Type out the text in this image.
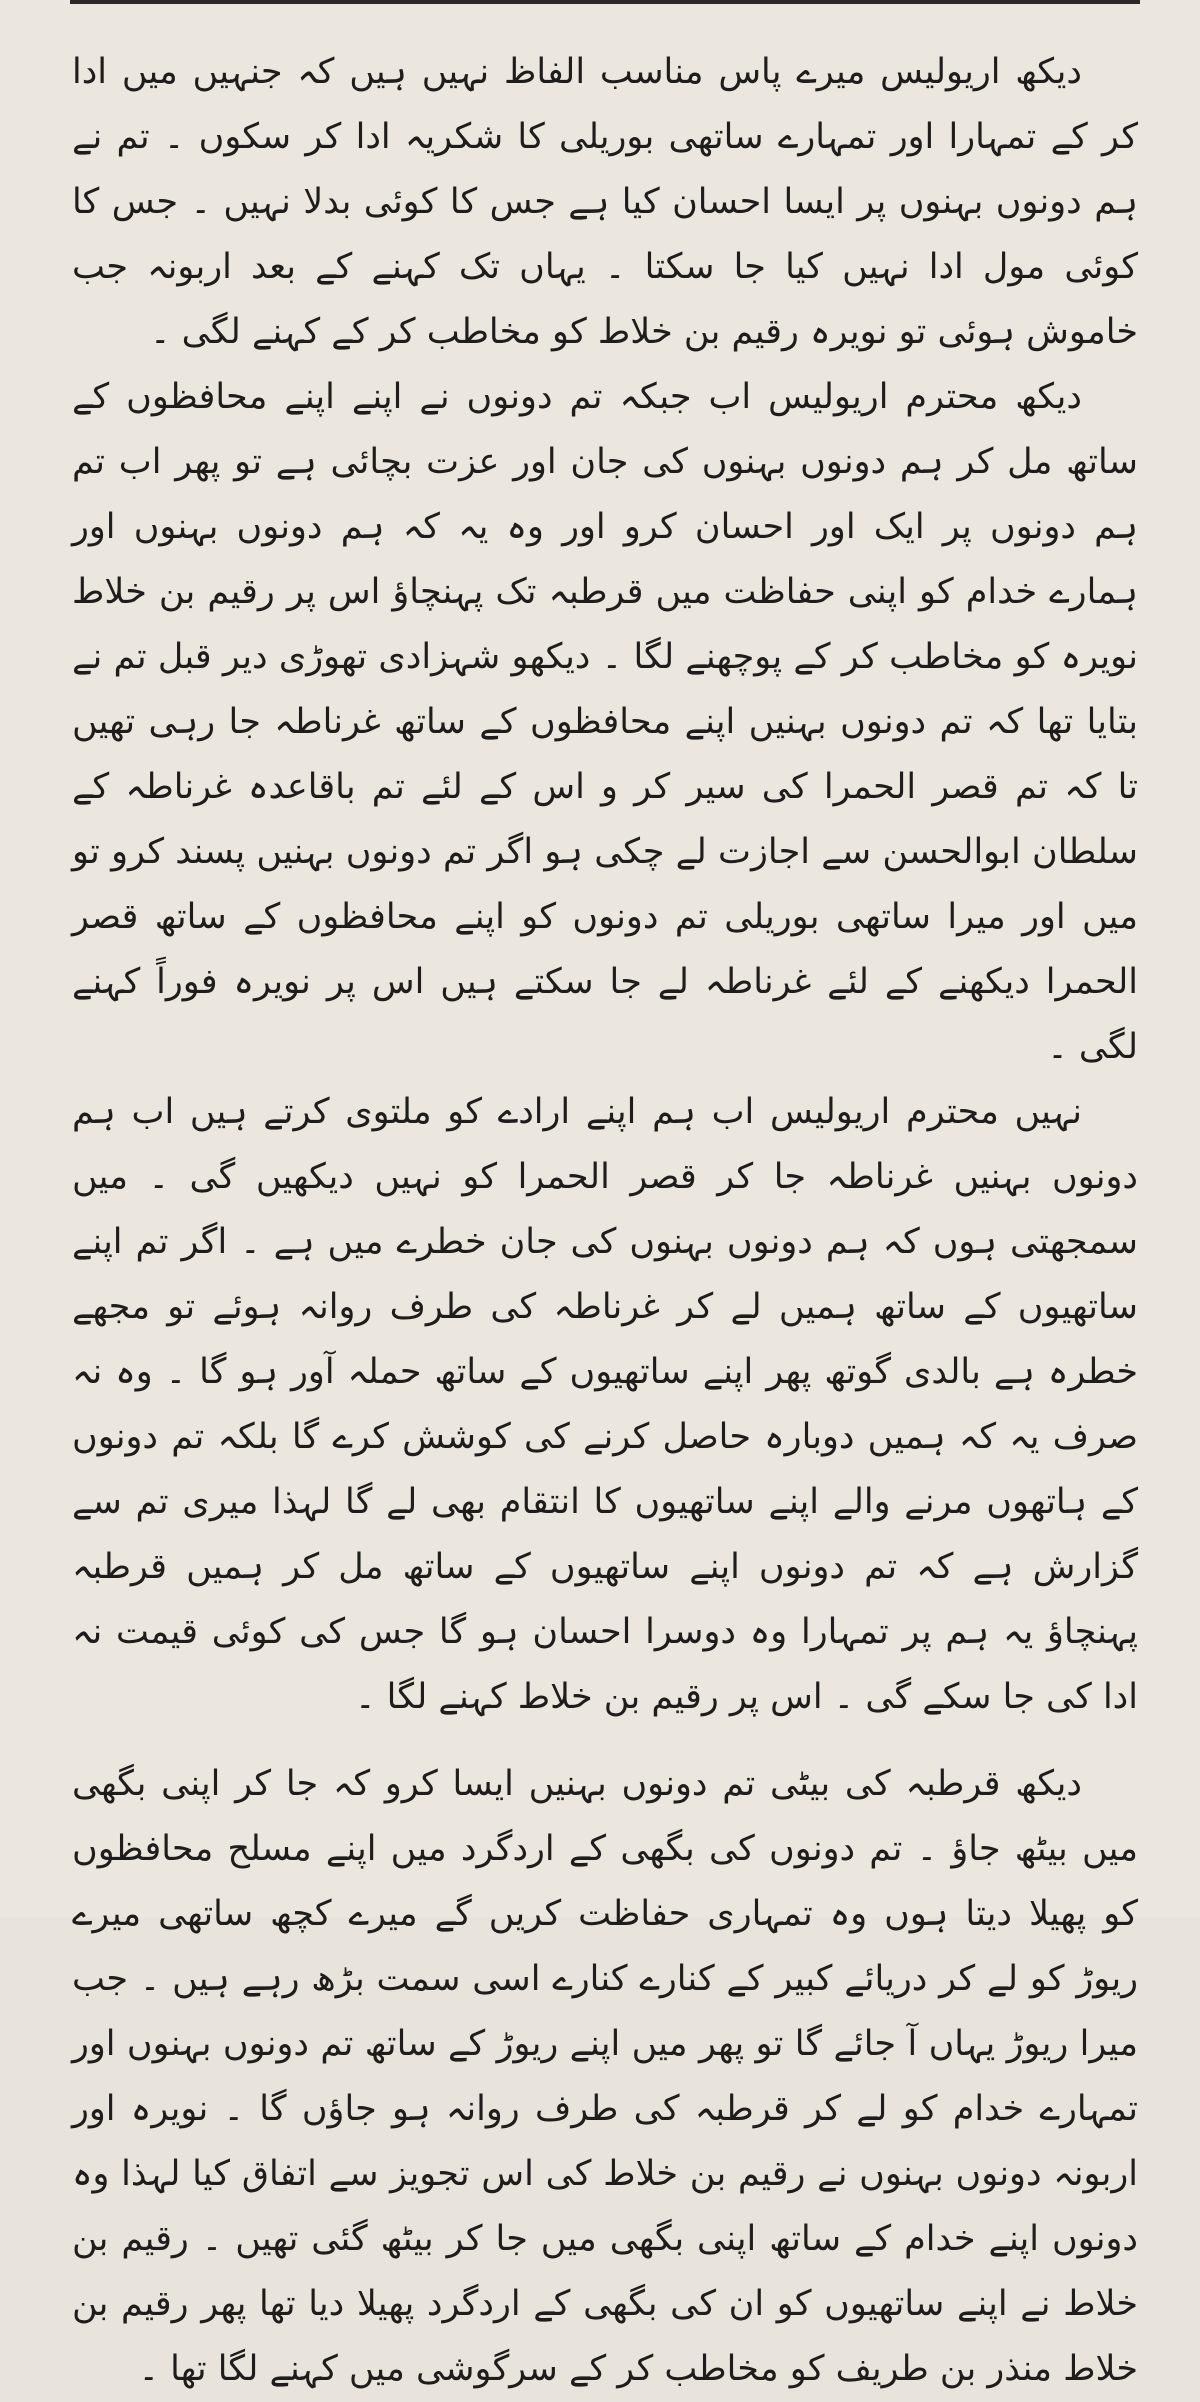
دیکھ اریولیس میرے پاس مناسب الفاظ نہیں ہیں کہ جنہیں میں ادا کر کے تمہارا اور تمہارے ساتھی بوریلی کا شکریہ ادا کر سکوں ۔ تم نے ہم دونوں بہنوں پر ایسا احسان کیا ہے جس کا کوئی بدلا نہیں ۔ جس کا کوئی مول ادا نہیں کیا جا سکتا ۔ یہاں تک کہنے کے بعد اربونہ جب خاموش ہوئی تو نویرہ رقیم بن خلاط کو مخاطب کر کے کہنے لگی ۔

دیکھ محترم اریولیس اب جبکہ تم دونوں نے اپنے اپنے محافظوں کے ساتھ مل کر ہم دونوں بہنوں کی جان اور عزت بچائی ہے تو پھر اب تم ہم دونوں پر ایک اور احسان کرو اور وہ یہ کہ ہم دونوں بہنوں اور ہمارے خدام کو اپنی حفاظت میں قرطبہ تک پہنچاؤ اس پر رقیم بن خلاط نویرہ کو مخاطب کر کے پوچھنے لگا ۔ دیکھو شہزادی تھوڑی دیر قبل تم نے بتایا تھا کہ تم دونوں بہنیں اپنے محافظوں کے ساتھ غرناطہ جا رہی تھیں تا کہ تم قصر الحمرا کی سیر کر و اس کے لئے تم باقاعدہ غرناطہ کے سلطان ابوالحسن سے اجازت لے چکی ہو اگر تم دونوں بہنیں پسند کرو تو میں اور میرا ساتھی بوریلی تم دونوں کو اپنے محافظوں کے ساتھ قصر الحمرا دیکھنے کے لئے غرناطہ لے جا سکتے ہیں اس پر نویرہ فوراً کہنے لگی ۔

نہیں محترم اریولیس اب ہم اپنے ارادے کو ملتوی کرتے ہیں اب ہم دونوں بہنیں غرناطہ جا کر قصر الحمرا کو نہیں دیکھیں گی ۔ میں سمجھتی ہوں کہ ہم دونوں بہنوں کی جان خطرے میں ہے ۔ اگر تم اپنے ساتھیوں کے ساتھ ہمیں لے کر غرناطہ کی طرف روانہ ہوئے تو مجھے خطرہ ہے بالدی گوتھ پھر اپنے ساتھیوں کے ساتھ حملہ آور ہو گا ۔ وہ نہ صرف یہ کہ ہمیں دوبارہ حاصل کرنے کی کوشش کرے گا بلکہ تم دونوں کے ہاتھوں مرنے والے اپنے ساتھیوں کا انتقام بھی لے گا لہذا میری تم سے گزارش ہے کہ تم دونوں اپنے ساتھیوں کے ساتھ مل کر ہمیں قرطبہ پہنچاؤ یہ ہم پر تمہارا وہ دوسرا احسان ہو گا جس کی کوئی قیمت نہ ادا کی جا سکے گی ۔ اس پر رقیم بن خلاط کہنے لگا ۔

دیکھ قرطبہ کی بیٹی تم دونوں بہنیں ایسا کرو کہ جا کر اپنی بگھی میں بیٹھ جاؤ ۔ تم دونوں کی بگھی کے اردگرد میں اپنے مسلح محافظوں کو پھیلا دیتا ہوں وہ تمہاری حفاظت کریں گے میرے کچھ ساتھی میرے ریوڑ کو لے کر دریائے کبیر کے کنارے کنارے اسی سمت بڑھ رہے ہیں ۔ جب میرا ریوڑ یہاں آ جائے گا تو پھر میں اپنے ریوڑ کے ساتھ تم دونوں بہنوں اور تمہارے خدام کو لے کر قرطبہ کی طرف روانہ ہو جاؤں گا ۔ نویرہ اور اربونہ دونوں بہنوں نے رقیم بن خلاط کی اس تجویز سے اتفاق کیا لہذا وہ دونوں اپنے خدام کے ساتھ اپنی بگھی میں جا کر بیٹھ گئی تھیں ۔ رقیم بن خلاط نے اپنے ساتھیوں کو ان کی بگھی کے اردگرد پھیلا دیا تھا پھر رقیم بن خلاط منذر بن طریف کو مخاطب کر کے سرگوشی میں کہنے لگا تھا ۔
